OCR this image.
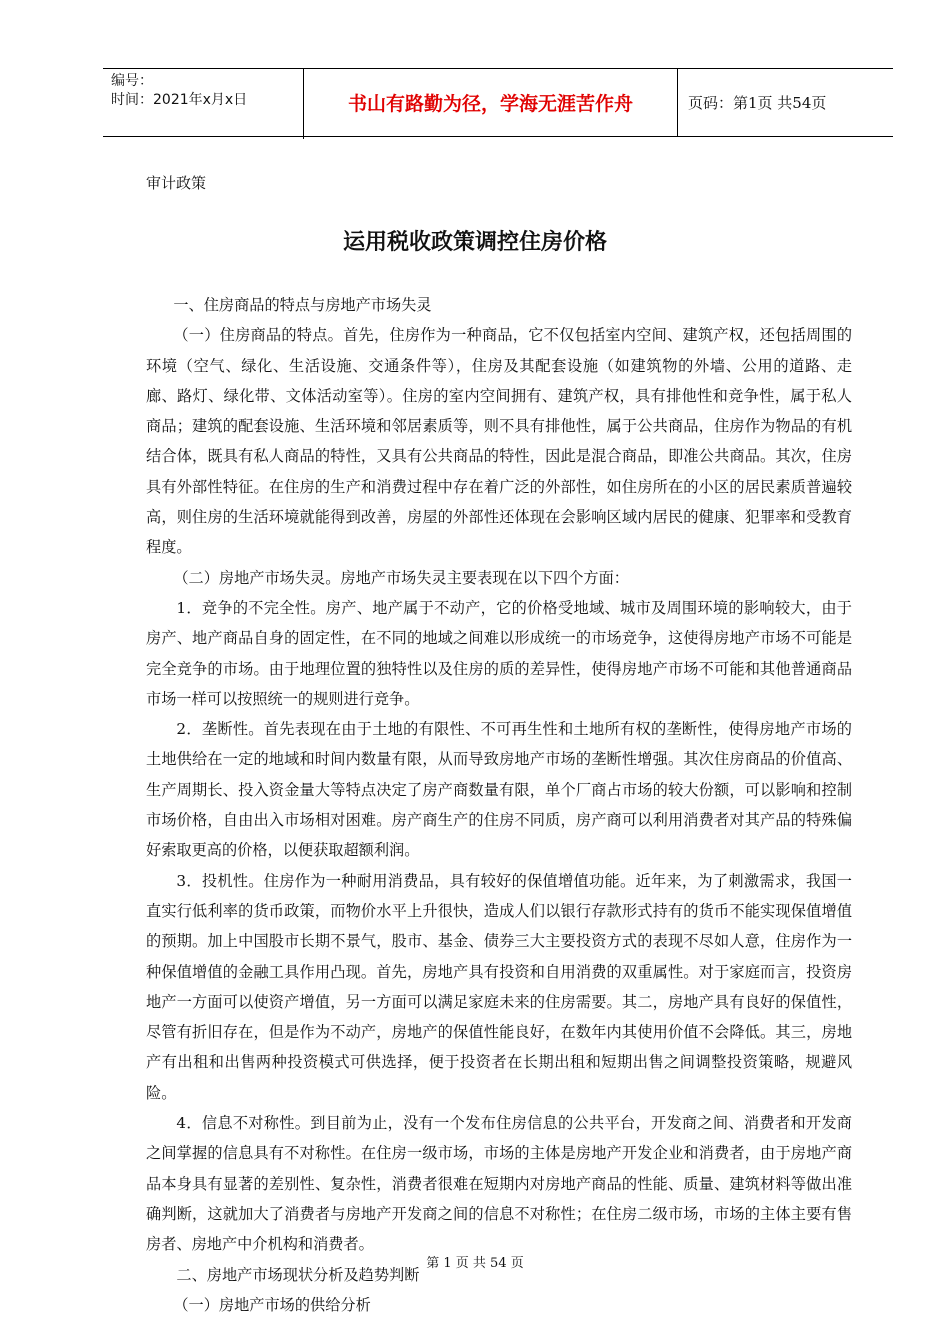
编号：
时间：2021年x月x日	书山有路勤为径，学海无涯苦作舟	页码：第1页 共54页
审计政策
运用税收政策调控住房价格

一、住房商品的特点与房地产市场失灵

（一）住房商品的特点。首先，住房作为一种商品，它不仅包括室内空间、建筑产权，还包括周围的环境（空气、绿化、生活设施、交通条件等），住房及其配套设施（如建筑物的外墙、公用的道路、走廊、路灯、绿化带、文体活动室等）。住房的室内空间拥有、建筑产权，具有排他性和竞争性，属于私人商品；建筑的配套设施、生活环境和邻居素质等，则不具有排他性，属于公共商品，住房作为物品的有机结合体，既具有私人商品的特性，又具有公共商品的特性，因此是混合商品，即准公共商品。其次，住房具有外部性特征。在住房的生产和消费过程中存在着广泛的外部性，如住房所在的小区的居民素质普遍较高，则住房的生活环境就能得到改善，房屋的外部性还体现在会影响区域内居民的健康、犯罪率和受教育程度。

（二）房地产市场失灵。房地产市场失灵主要表现在以下四个方面：

1．竞争的不完全性。房产、地产属于不动产，它的价格受地域、城市及周围环境的影响较大，由于房产、地产商品自身的固定性，在不同的地域之间难以形成统一的市场竞争，这使得房地产市场不可能是完全竞争的市场。由于地理位置的独特性以及住房的质的差异性，使得房地产市场不可能和其他普通商品市场一样可以按照统一的规则进行竞争。

2．垄断性。首先表现在由于土地的有限性、不可再生性和土地所有权的垄断性，使得房地产市场的土地供给在一定的地域和时间内数量有限，从而导致房地产市场的垄断性增强。其次住房商品的价值高、生产周期长、投入资金量大等特点决定了房产商数量有限，单个厂商占市场的较大份额，可以影响和控制市场价格，自由出入市场相对困难。房产商生产的住房不同质，房产商可以利用消费者对其产品的特殊偏好索取更高的价格，以便获取超额利润。

3．投机性。住房作为一种耐用消费品，具有较好的保值增值功能。近年来，为了刺激需求，我国一直实行低利率的货币政策，而物价水平上升很快，造成人们以银行存款形式持有的货币不能实现保值增值的预期。加上中国股市长期不景气，股市、基金、债券三大主要投资方式的表现不尽如人意，住房作为一种保值增值的金融工具作用凸现。首先，房地产具有投资和自用消费的双重属性。对于家庭而言，投资房地产一方面可以使资产增值，另一方面可以满足家庭未来的住房需要。其二，房地产具有良好的保值性，尽管有折旧存在，但是作为不动产，房地产的保值性能良好，在数年内其使用价值不会降低。其三，房地产有出租和出售两种投资模式可供选择，便于投资者在长期出租和短期出售之间调整投资策略，规避风险。

4．信息不对称性。到目前为止，没有一个发布住房信息的公共平台，开发商之间、消费者和开发商之间掌握的信息具有不对称性。在住房一级市场，市场的主体是房地产开发企业和消费者，由于房地产商品本身具有显著的差别性、复杂性，消费者很难在短期内对房地产商品的性能、质量、建筑材料等做出准确判断，这就加大了消费者与房地产开发商之间的信息不对称性；在住房二级市场，市场的主体主要有售房者、房地产中介机构和消费者。

二、房地产市场现状分析及趋势判断

（一）房地产市场的供给分析

第 1 页 共 54 页
